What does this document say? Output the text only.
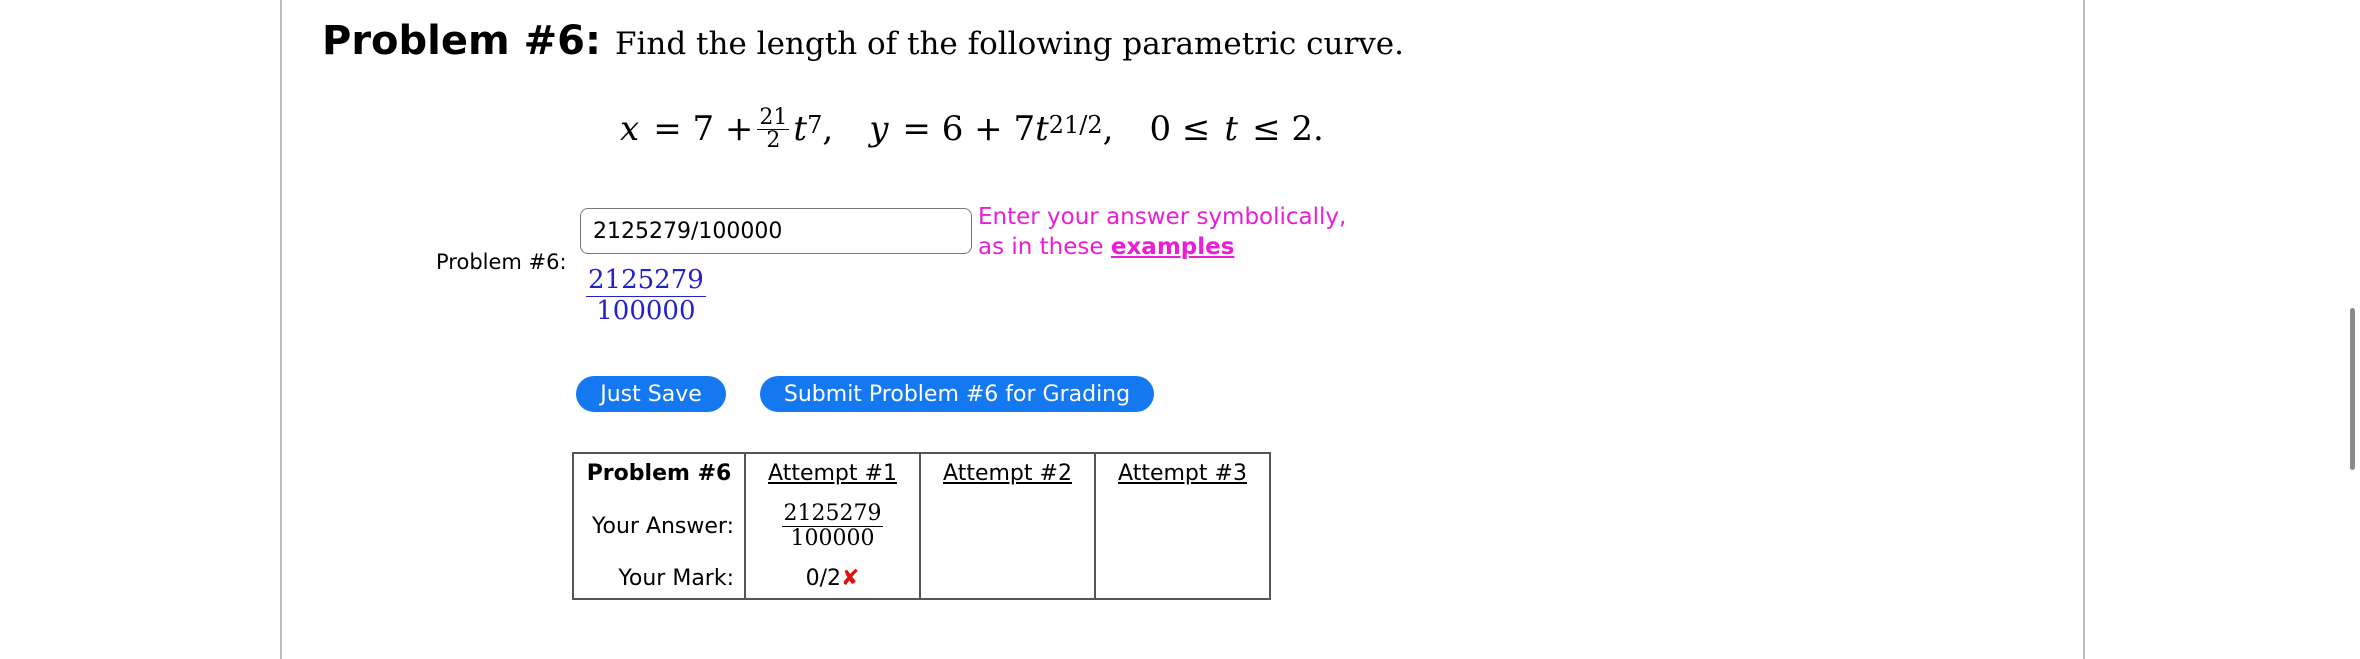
Problem #6: Find the length of the following parametric curve.
$x = 7 + \frac{21}{2} t^7$ , y = 6 + 7 $t^{21/2}$ , 0 ≤ t ≤ 2.
Problem #6:
2125279/100000
Enter your answer symbolically,
as in these examples
2125279
100000
Just Save	Submit Problem #6 for Grading
Problem #6	Attempt #1	Attempt #2	Attempt #3
Your Answer:	$\frac{2125279}{100000}$

Your Mark:	0/2✘		
